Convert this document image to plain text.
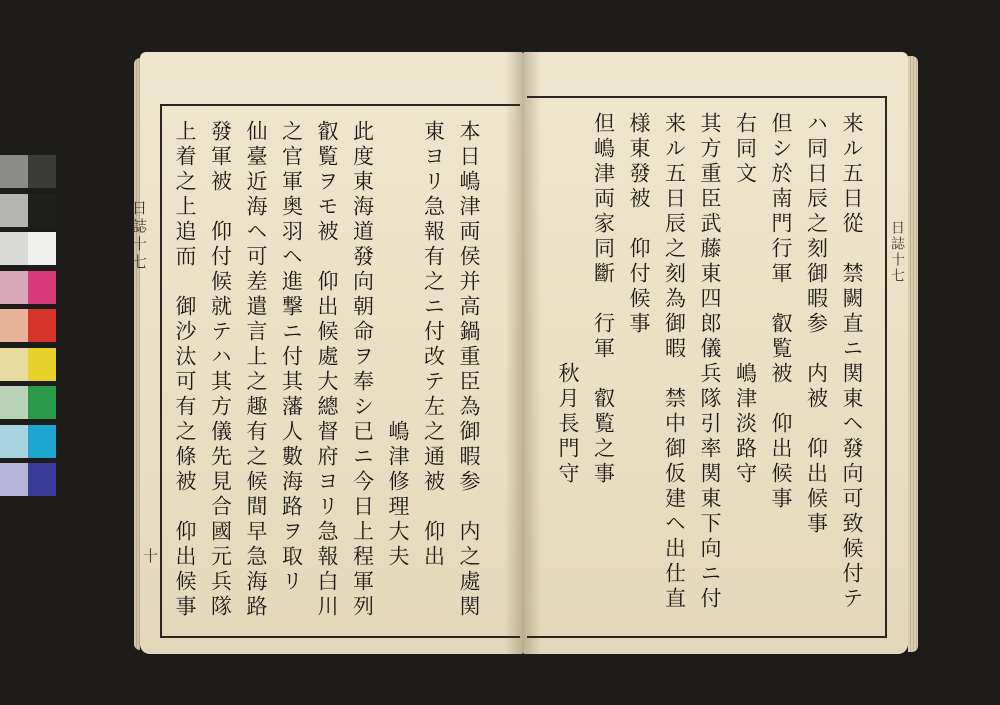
本日嶋津両侯并高鍋重臣為御暇参　内之處関
東ヨリ急報有之ニ付改テ左之通被　仰出
　　　　　　　　　　　　嶋津修理大夫
此度東海道發向朝命ヲ奉シ已ニ今日上程軍列
叡覧ヲモ被　仰出候處大總督府ヨリ急報白川
之官軍奥羽ヘ進撃ニ付其藩人數海路ヲ取リ
仙臺近海ヘ可差遣言上之趣有之候間早急海路
發軍被　仰付候就テハ其方儀先見合國元兵隊
上着之上追而　御沙汰可有之條被　仰出候事	来ル五日從　禁闕直ニ関東ヘ發向可致候付テ
ハ同日辰之刻御暇参　内被　仰出候事
但シ於南門行軍　叡覧被　仰出候事
右同文　　　　　　　嶋津淡路守
其方重臣武藤東四郎儀兵隊引率関東下向ニ付
来ル五日辰之刻為御暇　禁中御仮建ヘ出仕直
様東發被　仰付候事
但嶋津両家同斷　行軍　叡覧之事
　　　　　　　　　　秋月長門守
日誌十七
十
日誌十七
